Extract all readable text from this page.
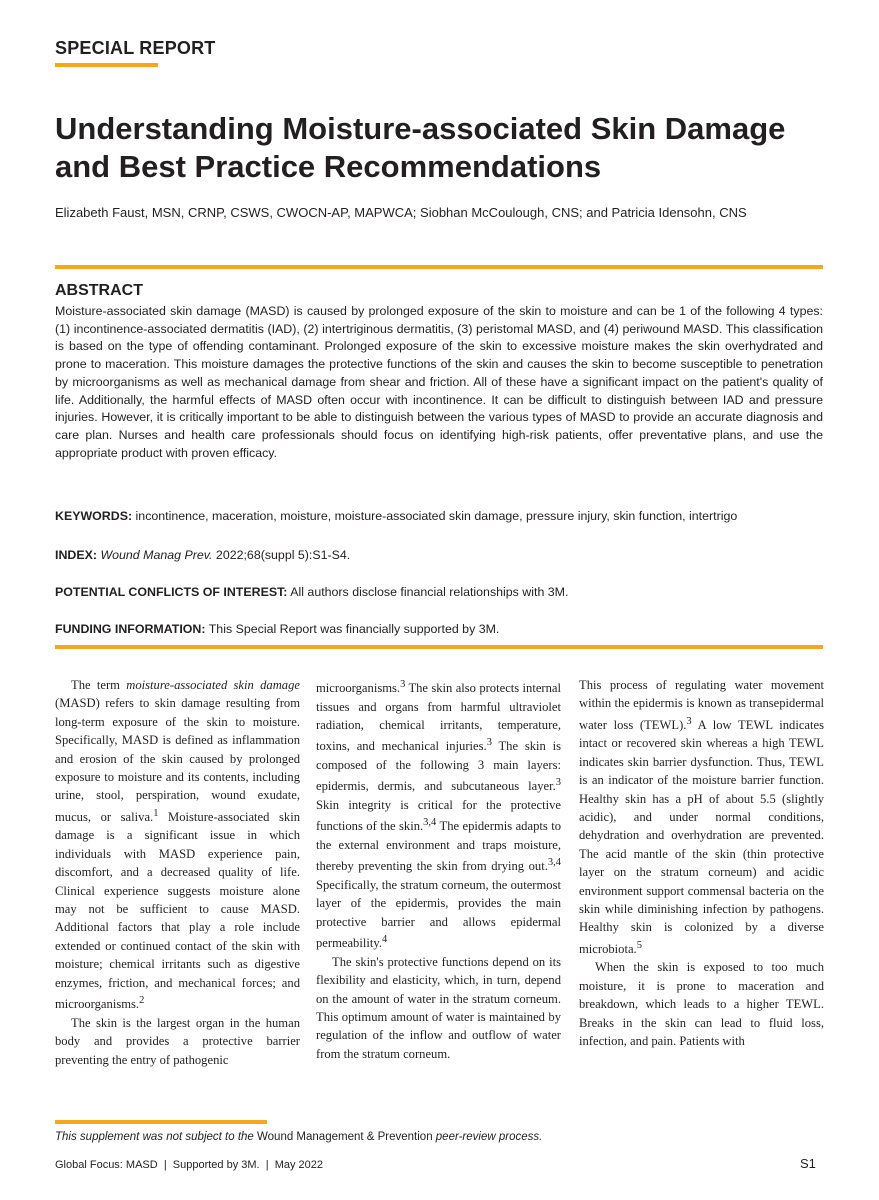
SPECIAL REPORT
Understanding Moisture-associated Skin Damage and Best Practice Recommendations
Elizabeth Faust, MSN, CRNP, CSWS, CWOCN-AP, MAPWCA; Siobhan McCoulough, CNS; and Patricia Idensohn, CNS
ABSTRACT

Moisture-associated skin damage (MASD) is caused by prolonged exposure of the skin to moisture and can be 1 of the following 4 types: (1) incontinence-associated dermatitis (IAD), (2) intertriginous dermatitis, (3) peristomal MASD, and (4) periwound MASD. This classification is based on the type of offending contaminant. Prolonged exposure of the skin to excessive moisture makes the skin overhydrated and prone to maceration. This moisture damages the protective functions of the skin and causes the skin to become susceptible to penetration by microorganisms as well as mechanical damage from shear and friction. All of these have a significant impact on the patient's quality of life. Additionally, the harmful effects of MASD often occur with incontinence. It can be difficult to distinguish between IAD and pressure injuries. However, it is critically important to be able to distinguish between the various types of MASD to provide an accurate diagnosis and care plan. Nurses and health care professionals should focus on identifying high-risk patients, offer preventative plans, and use the appropriate product with proven efficacy.

KEYWORDS: incontinence, maceration, moisture, moisture-associated skin damage, pressure injury, skin function, intertrigo
INDEX: Wound Manag Prev. 2022;68(suppl 5):S1-S4.
POTENTIAL CONFLICTS OF INTEREST: All authors disclose financial relationships with 3M.
FUNDING INFORMATION: This Special Report was financially supported by 3M.

The term moisture-associated skin damage (MASD) refers to skin damage resulting from long-term exposure of the skin to moisture. Specifically, MASD is defined as inflammation and erosion of the skin caused by prolonged exposure to moisture and its contents, including urine, stool, perspiration, wound exudate, mucus, or saliva.$^1$ Moisture-associated skin damage is a significant issue in which individuals with MASD experience pain, discomfort, and a decreased quality of life. Clinical experience suggests moisture alone may not be sufficient to cause MASD. Additional factors that play a role include extended or continued contact of the skin with moisture; chemical irritants such as digestive enzymes, friction, and mechanical forces; and microorganisms.$^2$

The skin is the largest organ in the human body and provides a protective barrier preventing the entry of pathogenic

microorganisms.$^3$ The skin also protects internal tissues and organs from harmful ultraviolet radiation, chemical irritants, temperature, toxins, and mechanical injuries.$^3$ The skin is composed of the following 3 main layers: epidermis, dermis, and subcutaneous layer.$^3$ Skin integrity is critical for the protective functions of the skin.$^{3,4}$ The epidermis adapts to the external environment and traps moisture, thereby preventing the skin from drying out.$^{3,4}$ Specifically, the stratum corneum, the outermost layer of the epidermis, provides the main protective barrier and allows epidermal permeability.$^4$

The skin's protective functions depend on its flexibility and elasticity, which, in turn, depend on the amount of water in the stratum corneum. This optimum amount of water is maintained by regulation of the inflow and outflow of water from the stratum corneum.

This process of regulating water movement within the epidermis is known as transepidermal water loss (TEWL).$^3$ A low TEWL indicates intact or recovered skin whereas a high TEWL indicates skin barrier dysfunction. Thus, TEWL is an indicator of the moisture barrier function. Healthy skin has a pH of about 5.5 (slightly acidic), and under normal conditions, dehydration and overhydration are prevented. The acid mantle of the skin (thin protective layer on the stratum corneum) and acidic environment support commensal bacteria on the skin while diminishing infection by pathogens. Healthy skin is colonized by a diverse microbiota.$^5$

When the skin is exposed to too much moisture, it is prone to maceration and breakdown, which leads to a higher TEWL. Breaks in the skin can lead to fluid loss, infection, and pain. Patients with

This supplement was not subject to the Wound Management & Prevention peer-review process.
Global Focus: MASD  |  Supported by 3M.  |  May 2022	S1
